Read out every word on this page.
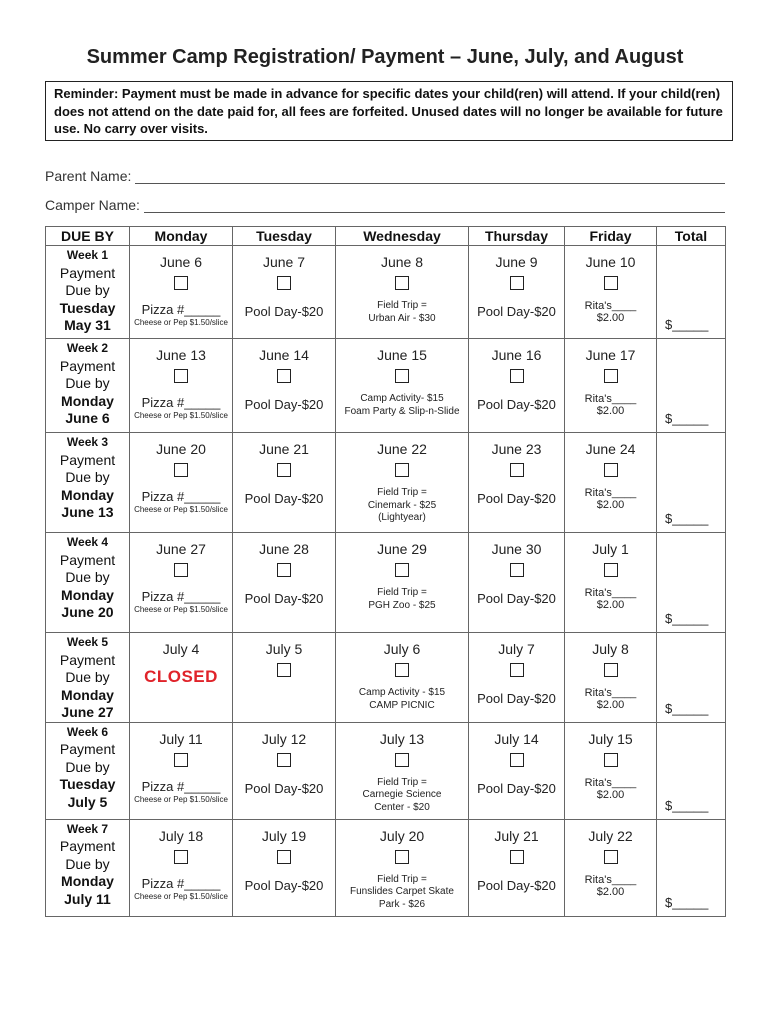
Summer Camp Registration/ Payment – June, July, and August
Reminder: Payment must be made in advance for specific dates your child(ren) will attend. If your child(ren) does not attend on the date paid for, all fees are forfeited. Unused dates will no longer be available for future use. No carry over visits.
Parent Name:
Camper Name:
DUE BY	Monday	Tuesday	Wednesday	Thursday	Friday	Total

Week 1
Payment
Due by
Tuesday
May 31	June 6
Pizza #_____
Cheese or Pep $1.50/slice	June 7
Pool Day-$20	June 8
Field Trip =
Urban Air - $30	June 9
Pool Day-$20	June 10
Rita's____
$2.00	$_____

Week 2
Payment
Due by
Monday
June 6	June 13
Pizza #_____
Cheese or Pep $1.50/slice	June 14
Pool Day-$20	June 15
Camp Activity- $15
Foam Party & Slip-n-Slide	June 16
Pool Day-$20	June 17
Rita's____
$2.00	$_____

Week 3
Payment
Due by
Monday
June 13	June 20
Pizza #_____
Cheese or Pep $1.50/slice	June 21
Pool Day-$20	June 22
Field Trip =
Cinemark - $25
(Lightyear)	June 23
Pool Day-$20	June 24
Rita's____
$2.00	$_____

Week 4
Payment
Due by
Monday
June 20	June 27
Pizza #_____
Cheese or Pep $1.50/slice	June 28
Pool Day-$20	June 29
Field Trip =
PGH Zoo - $25	June 30
Pool Day-$20	July 1
Rita's____
$2.00	$_____

Week 5
Payment
Due by
Monday
June 27	July 4
CLOSED	July 5	July 6
Camp Activity - $15
CAMP PICNIC	July 7
Pool Day-$20	July 8
Rita's____
$2.00	$_____

Week 6
Payment
Due by
Tuesday
July 5	July 11
Pizza #_____
Cheese or Pep $1.50/slice	July 12
Pool Day-$20	July 13
Field Trip =
Carnegie Science
Center - $20	July 14
Pool Day-$20	July 15
Rita's____
$2.00	$_____

Week 7
Payment
Due by
Monday
July 11	July 18
Pizza #_____
Cheese or Pep $1.50/slice	July 19
Pool Day-$20	July 20
Field Trip =
Funslides Carpet Skate
Park - $26	July 21
Pool Day-$20	July 22
Rita's____
$2.00	$_____
